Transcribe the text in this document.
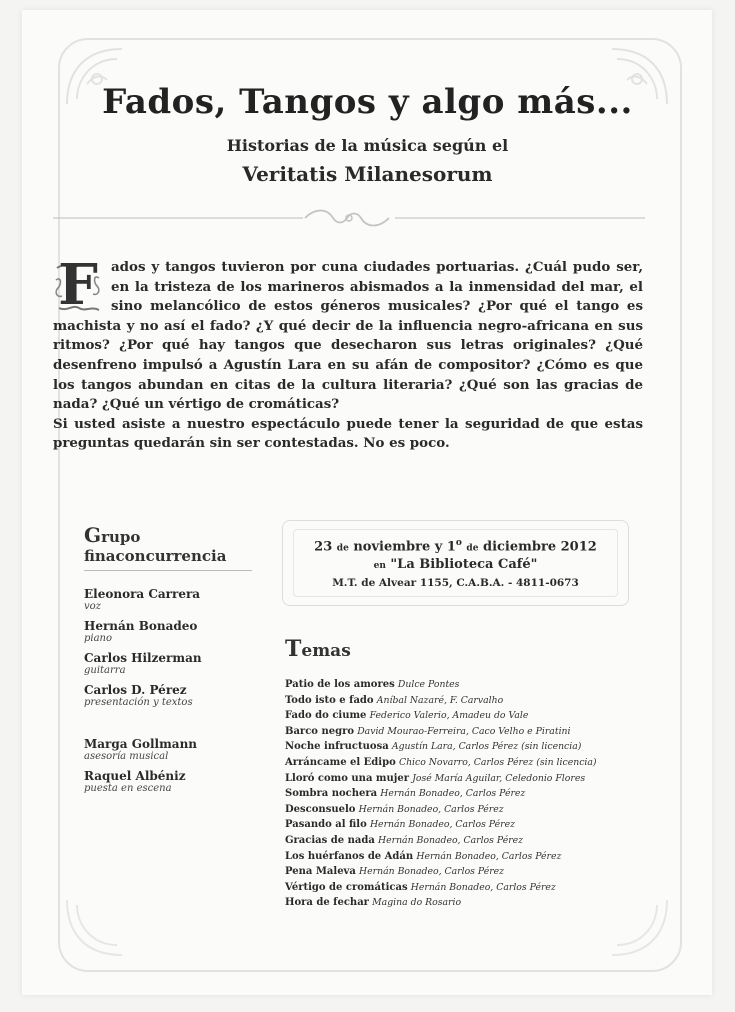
Fados, Tangos y algo más...
Historias de la música según el
Veritatis Milanesorum
F ados y tangos tuvieron por cuna ciudades portuarias. ¿Cuál pudo ser, en la tristeza de los marineros abismados a la inmensidad del mar, el sino melancólico de estos géneros musicales? ¿Por qué el tango es machista y no así el fado? ¿Y qué decir de la influencia negro-africana en sus ritmos? ¿Por qué hay tangos que desecharon sus letras originales? ¿Qué desenfreno impulsó a Agustín Lara en su afán de compositor? ¿Cómo es que los tangos abundan en citas de la cultura literaria? ¿Qué son las gracias de nada? ¿Qué un vértigo de cromáticas?

Si usted asiste a nuestro espectáculo puede tener la seguridad de que estas preguntas quedarán sin ser contestadas. No es poco.

Grupo
finaconcurrencia
Eleonora Carrera
voz
Hernán Bonadeo
piano
Carlos Hilzerman
guitarra
Carlos D. Pérez
presentación y textos
Marga Gollmann
asesoría musical
Raquel Albéniz
puesta en escena
23 de noviembre y 1$^o$ de diciembre 2012
en "La Biblioteca Café"
M.T. de Alvear 1155, C.A.B.A. - 4811-0673
Temas
Patio de los amores Dulce Pontes
Todo isto e fado Aníbal Nazaré, F. Carvalho
Fado do ciume Federico Valerio, Amadeu do Vale
Barco negro David Mourao-Ferreira, Caco Velho e Piratini
Noche infructuosa Agustín Lara, Carlos Pérez (sin licencia)
Arráncame el Edipo Chico Novarro, Carlos Pérez (sin licencia)
Lloró como una mujer José María Aguilar, Celedonio Flores
Sombra nochera Hernán Bonadeo, Carlos Pérez
Desconsuelo Hernán Bonadeo, Carlos Pérez
Pasando al filo Hernán Bonadeo, Carlos Pérez
Gracias de nada Hernán Bonadeo, Carlos Pérez
Los huérfanos de Adán Hernán Bonadeo, Carlos Pérez
Pena Maleva Hernán Bonadeo, Carlos Pérez
Vértigo de cromáticas Hernán Bonadeo, Carlos Pérez
Hora de fechar Magina do Rosario
